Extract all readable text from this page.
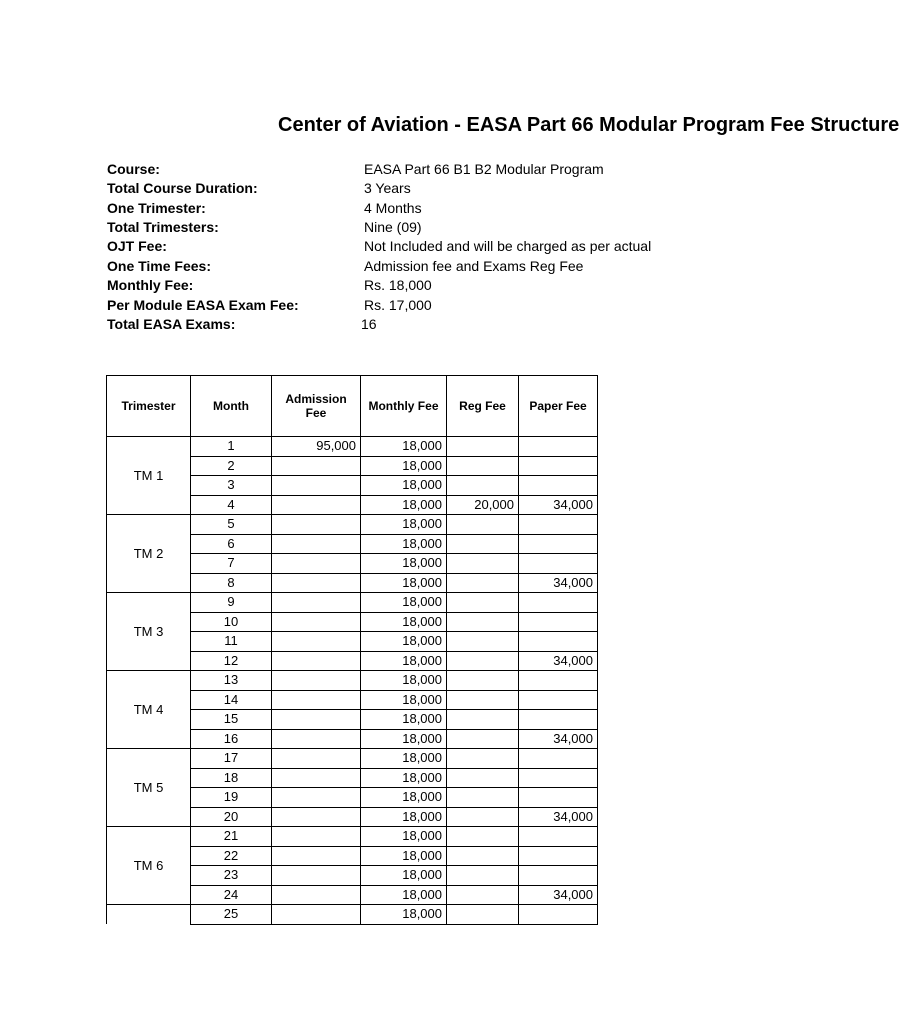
Center of Aviation - EASA Part 66 Modular Program Fee Structure
Course:	EASA Part 66 B1 B2 Modular Program
Total Course Duration:	3 Years
One Trimester:	4 Months
Total Trimesters:	Nine (09)
OJT Fee:	Not Included and will be charged as per actual
One Time Fees:	Admission fee and Exams Reg Fee
Monthly Fee:	Rs. 18,000
Per Module EASA Exam Fee:	Rs. 17,000
Total EASA Exams:	16
Trimester	Month	Admission Fee	Monthly Fee	Reg Fee	Paper Fee
TM 1	1	95,000	18,000		
	2		18,000		
	3		18,000		
	4		18,000	20,000	34,000
TM 2	5		18,000		
	6		18,000		
	7		18,000		
	8		18,000		34,000
TM 3	9		18,000		
	10		18,000		
	11		18,000		
	12		18,000		34,000
TM 4	13		18,000		
	14		18,000		
	15		18,000		
	16		18,000		34,000
TM 5	17		18,000		
	18		18,000		
	19		18,000		
	20		18,000		34,000
TM 6	21		18,000		
	22		18,000		
	23		18,000		
	24		18,000		34,000
	25		18,000		
